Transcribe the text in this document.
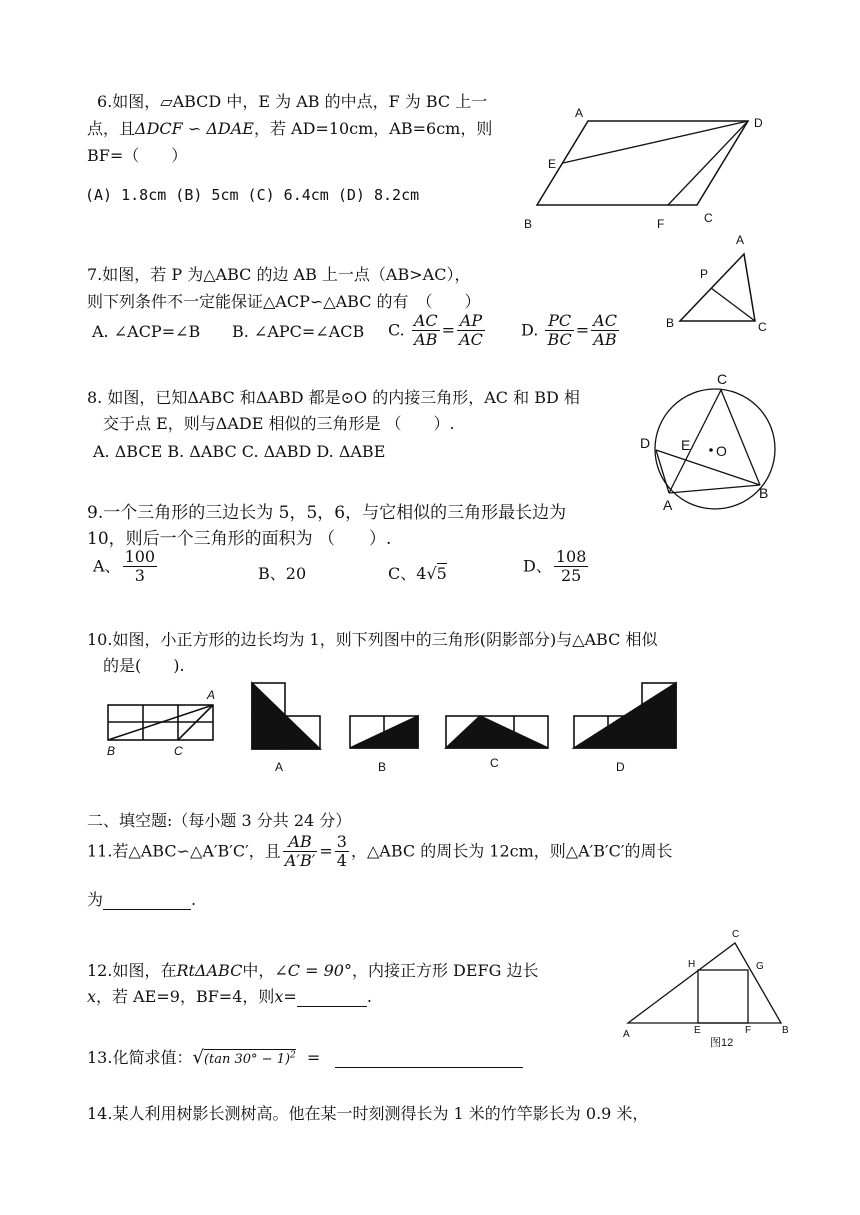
6.如图，▱ABCD 中，E 为 AB 的中点，F 为 BC 上一
点，且ΔDCF ∽ ΔDAE，若 AD=10cm，AB=6cm，则
BF=（　　）
(A) 1.8cm (B) 5cm (C) 6.4cm (D) 8.2cm
A
D
E
B	F	C
7.如图，若 P 为△ABC 的边 AB 上一点（AB>AC），
则下列条件不一定能保证△ACP∽△ABC 的有　（　　）
A. ∠ACP=∠B B. ∠APC=∠ACB C. $\frac{AC}{AB} = \frac{AP}{AC} D$. $\frac{PC}{BC} = \frac{AC}{AB}$
A
P
B	C
8. 如图，已知ΔABC 和ΔABD 都是⊙O 的内接三角形，AC 和 BD 相
交于点 E，则与ΔADE 相似的三角形是 （　　）.
A. ΔBCE B. ΔABC C. ΔABD D. ΔABE
C
D E O
B
A
9.一个三角形的三边长为 5，5，6，与它相似的三角形最长边为
10，则后一个三角形的面积为 （　　）.
A、 $\frac{100}{3}$	B、20	C、4√5	D、 $\frac{108}{25}$
10.如图，小正方形的边长均为 1，则下列图中的三角形(阴影部分)与△ABC 相似
的是(　　).
A
B	C
A	B	C	D
二、填空题:（每小题 3 分共 24 分）
11.若△ABC∽△A′B′C′，且 $\frac{AB}{A'B'} = \frac{3}{4}$ ，△ABC 的周长为 12cm，则△A′B′C′的周长
为	.
12.如图，在RtΔABC中，∠C = 90°，内接正方形 DEFG 边长
x，若 AE=9，BF=4，则x=	.
C
H	G
A	E	F	B
图12
13.化简求值：√(tan 30° − 1)$^2$ =
14.某人利用树影长测树高。他在某一时刻测得长为 1 米的竹竿影长为 0.9 米，
